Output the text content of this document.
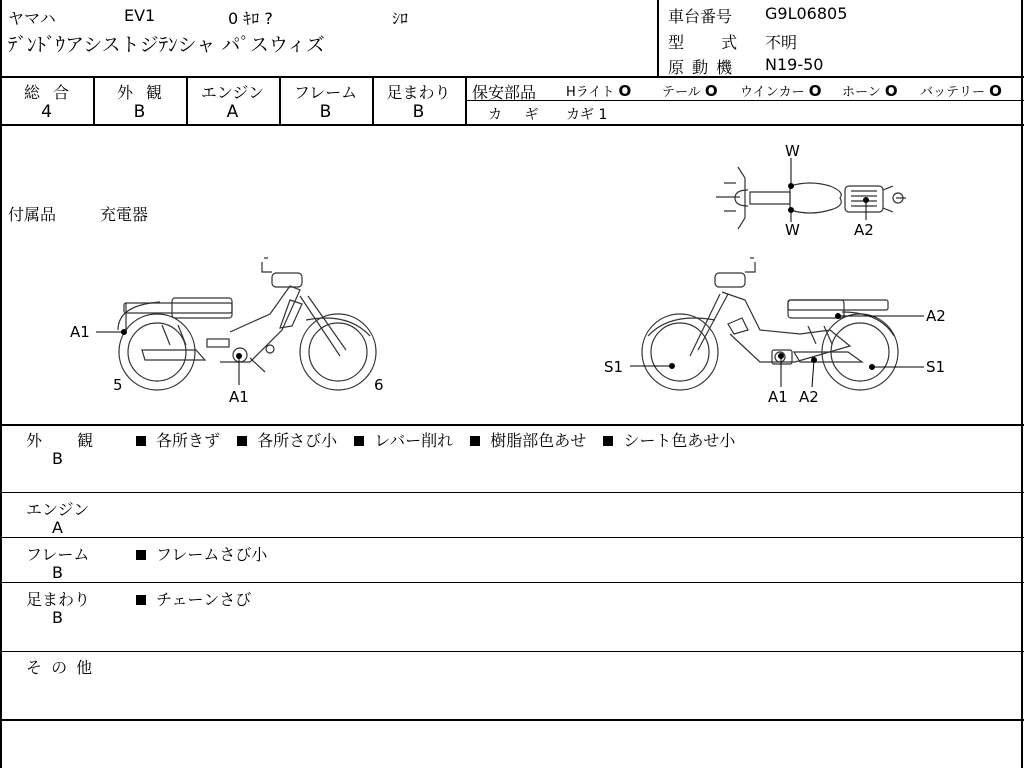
ヤマハ	EV1	0 ｷﾛ ?	ｼﾛ
ﾃﾞﾝﾄﾞｳアシストジﾃﾝシャ パﾟスウィズ
車台番号 G9L06805
型 式 不明
原 動 機 N19-50
総 合
4
外 観
B
エンジン
A
フレーム
B
足まわり
B
保安部品 Hライト O テール O ウインカー O ホーン O バッテリー O
カ ギ カギ 1
付属品	充電器
W
W	A2
A1
A1
5	6
A2
S1	S1
A1 A2
外 観
B
各所きず 各所さび小 レバー削れ 樹脂部色あせ シート色あせ小
エンジン
A
フレーム
B
フレームさび小
足まわり
B
チェーンさび
そ の 他
